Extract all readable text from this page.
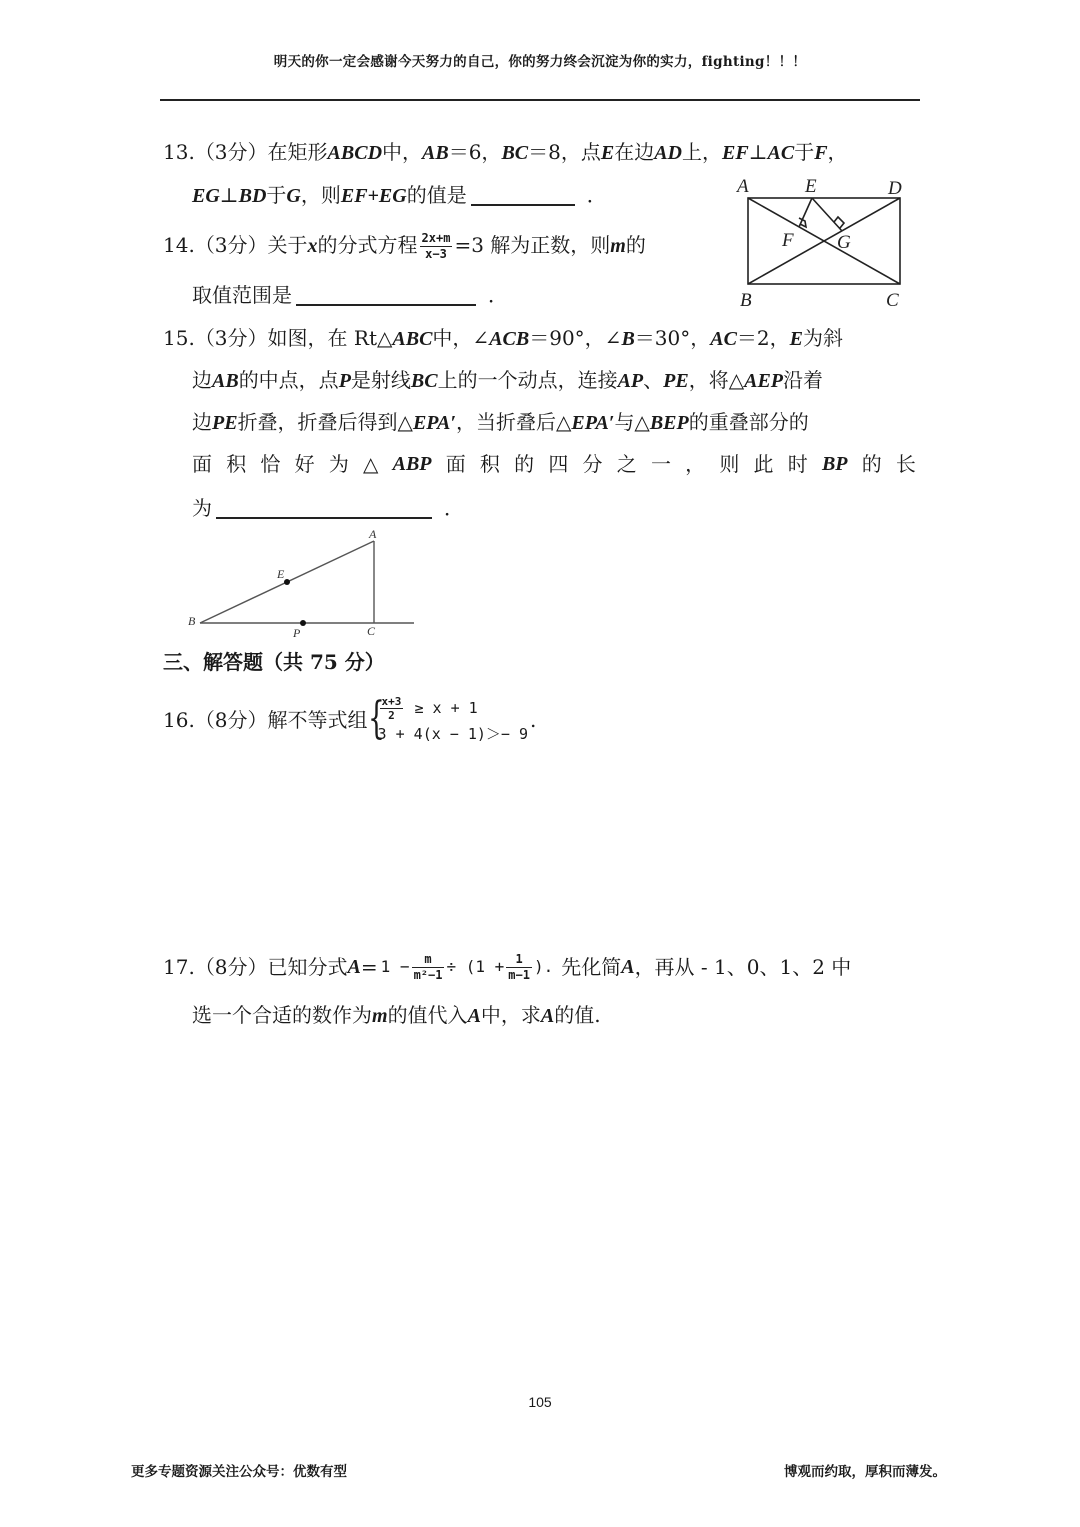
明天的你一定会感谢今天努力的自己，你的努力终会沉淀为你的实力，fighting！！！
13.（3分）在矩形ABCD中，AB＝6，BC＝8，点E在边AD上，EF⊥AC于F，
EG⊥BD于G，则EF+EG的值是	．	A	E	D
F G
B	C
14.（3分）关于x的分式方程 $\frac{2x+m}{x-3} =3$ 解为正数，则m的
取值范围是	．
15.（3分）如图，在 Rt△ABC中，∠ACB＝90°，∠B＝30°，AC＝2，E为斜
边AB的中点，点P是射线BC上的一个动点，连接AP、PE，将△AEP沿着
边PE折叠，折叠后得到△EPA′，当折叠后△EPA′与△BEP的重叠部分的
面 积 恰 好 为 △ ABP 面 积 的 四 分 之 一 ， 则 此 时 BP 的 长
为	．
A
E
B
P	C
三、解答题（共 75 分）
16. （8分） 解不等式组 {
$\frac{x+3}{2} \ge x + 1$
3 + 4(x − 1)＞− 9
.
17. （8分） 已知分式 $A = 1 - \frac{m}{\text{m²−1}} \div (1 + \frac{1}{m-1}$ ). 先化简 A ，再从 - 1、0、1、2 中
选一个合适的数作为m的值代入A中，求A的值.
105
更多专题资源关注公众号：优数有型	博观而约取，厚积而薄发。
